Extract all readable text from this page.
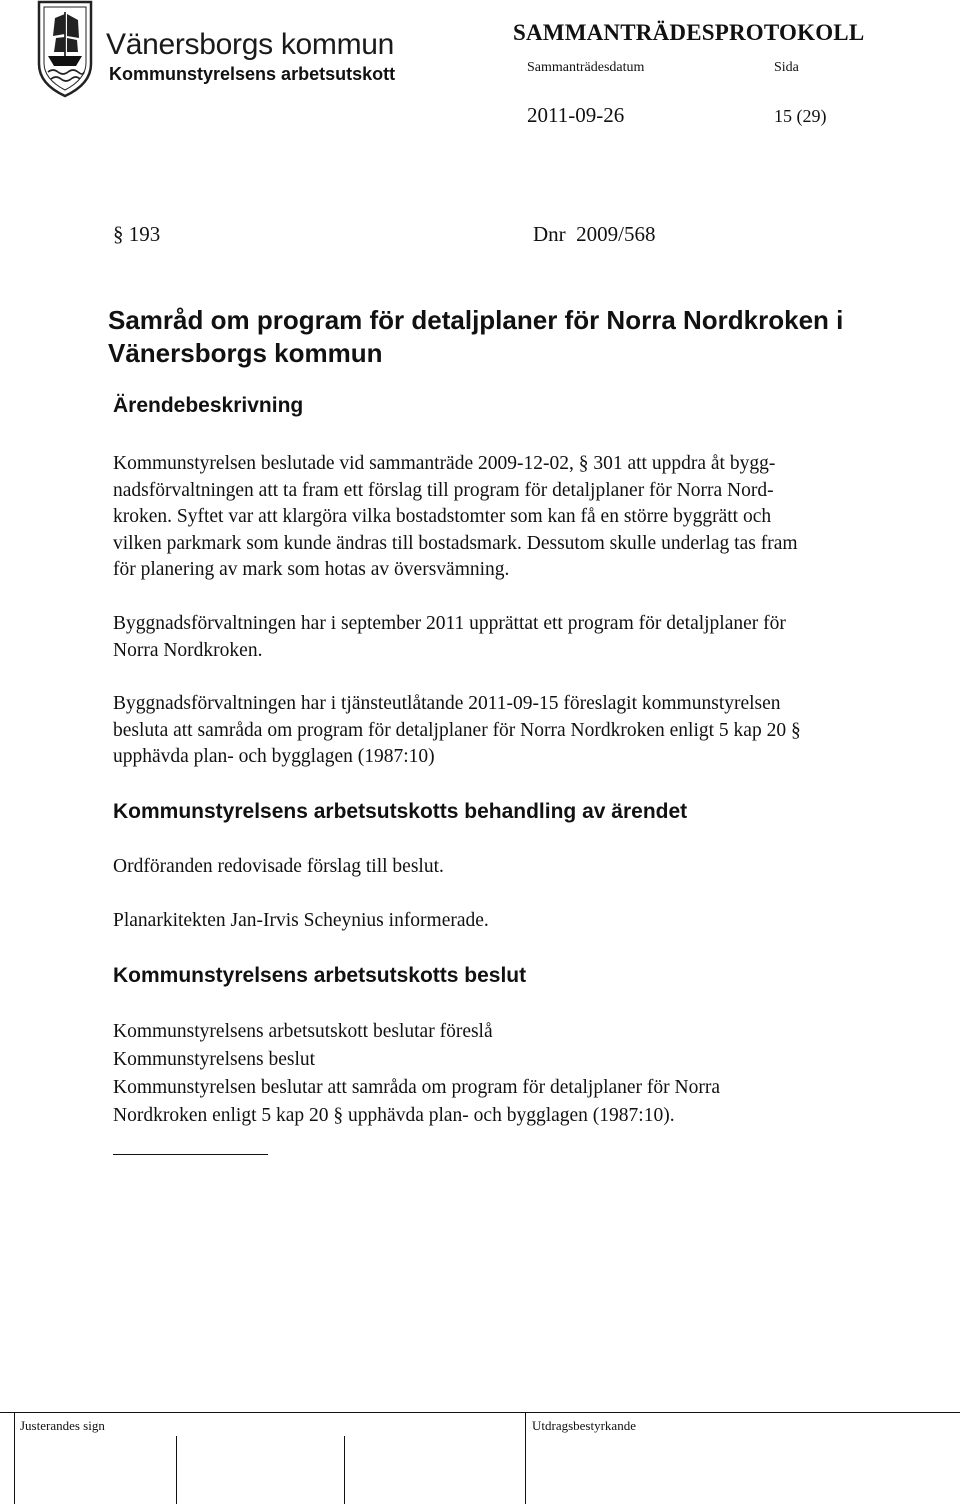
Vänersborgs kommun
Kommunstyrelsens arbetsutskott
SAMMANTRÄDESPROTOKOLL
Sammanträdesdatum	Sida
2011-09-26	15 (29)
§ 193	Dnr  2009/568
Samråd om program för detaljplaner för Norra Nordkroken i Vänersborgs kommun
Ärendebeskrivning
Kommunstyrelsen beslutade vid sammanträde 2009-12-02, § 301 att uppdra åt bygg-
nadsförvaltningen att ta fram ett förslag till program för detaljplaner för Norra Nord-
kroken. Syftet var att klargöra vilka bostadstomter som kan få en större byggrätt och
vilken parkmark som kunde ändras till bostadsmark. Dessutom skulle underlag tas fram
för planering av mark som hotas av översvämning.
Byggnadsförvaltningen har i september 2011 upprättat ett program för detaljplaner för
Norra Nordkroken.
Byggnadsförvaltningen har i tjänsteutlåtande 2011-09-15 föreslagit kommunstyrelsen
besluta att samråda om program för detaljplaner för Norra Nordkroken enligt 5 kap 20 §
upphävda plan- och bygglagen (1987:10)
Kommunstyrelsens arbetsutskotts behandling av ärendet
Ordföranden redovisade förslag till beslut.
Planarkitekten Jan-Irvis Scheynius informerade.
Kommunstyrelsens arbetsutskotts beslut
Kommunstyrelsens arbetsutskott beslutar föreslå
Kommunstyrelsens beslut
Kommunstyrelsen beslutar att samråda om program för detaljplaner för Norra
Nordkroken enligt 5 kap 20 § upphävda plan- och bygglagen (1987:10).
Justerandes sign	Utdragsbestyrkande
